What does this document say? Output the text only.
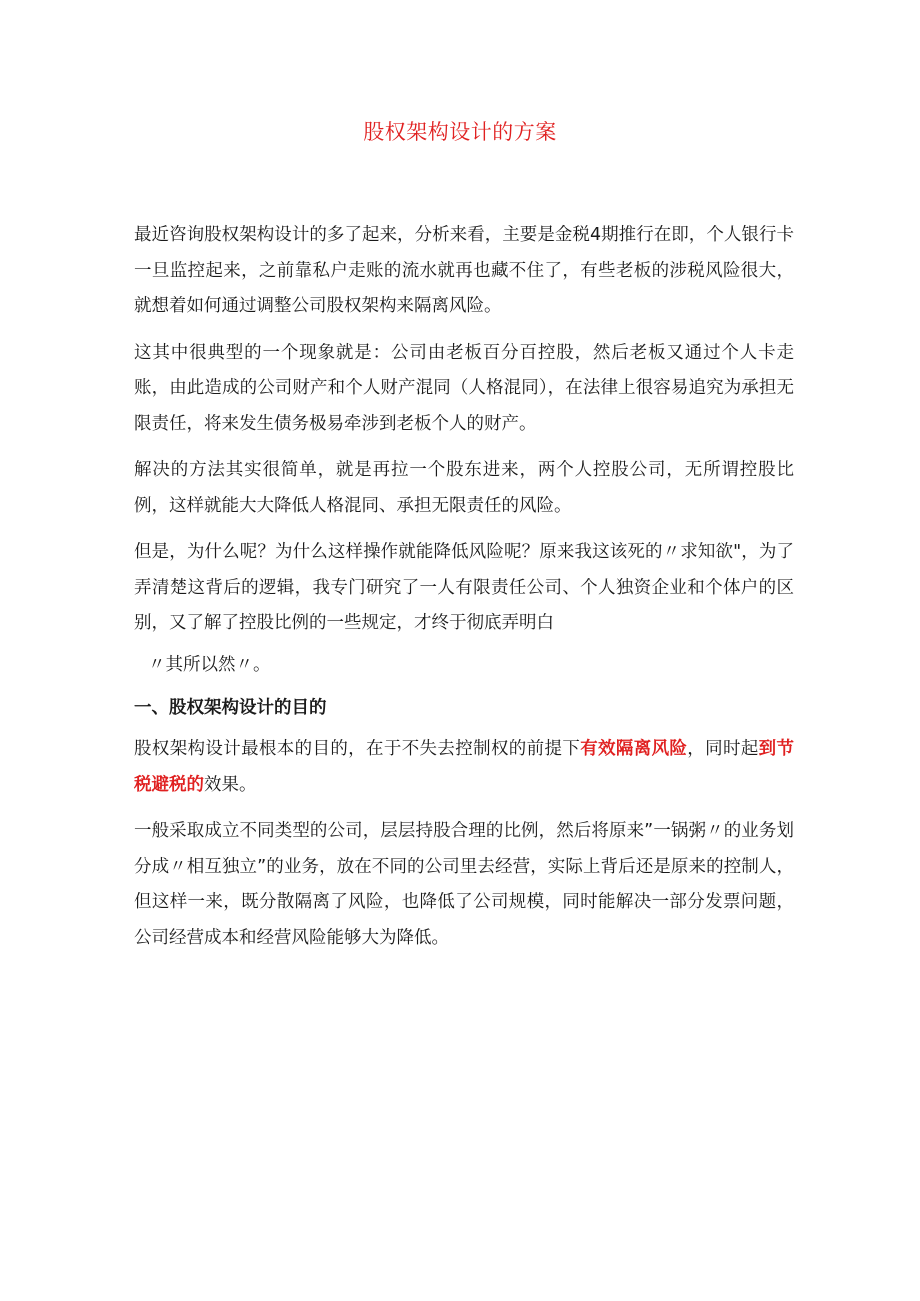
股权架构设计的方案

最近咨询股权架构设计的多了起来，分析来看，主要是金税4期推行在即，个人银行卡一旦监控起来，之前靠私户走账的流水就再也藏不住了，有些老板的涉税风险很大，就想着如何通过调整公司股权架构来隔离风险。

这其中很典型的一个现象就是：公司由老板百分百控股，然后老板又通过个人卡走账，由此造成的公司财产和个人财产混同（人格混同），在法律上很容易追究为承担无限责任，将来发生债务极易牵涉到老板个人的财产。

解决的方法其实很简单，就是再拉一个股东进来，两个人控股公司，无所谓控股比例，这样就能大大降低人格混同、承担无限责任的风险。

但是，为什么呢？为什么这样操作就能降低风险呢？原来我这该死的〃求知欲"，为了弄清楚这背后的逻辑，我专门研究了一人有限责任公司、个人独资企业和个体户的区别，又了解了控股比例的一些规定，才终于彻底弄明白

〃其所以然〃。

一、股权架构设计的目的

股权架构设计最根本的目的，在于不失去控制权的前提下有效隔离风险，同时起到节税避税的效果。

一般采取成立不同类型的公司，层层持股合理的比例，然后将原来”一锅粥〃的业务划分成〃相互独立”的业务，放在不同的公司里去经营，实际上背后还是原来的控制人，但这样一来，既分散隔离了风险，也降低了公司规模，同时能解决一部分发票问题，公司经营成本和经营风险能够大为降低。
